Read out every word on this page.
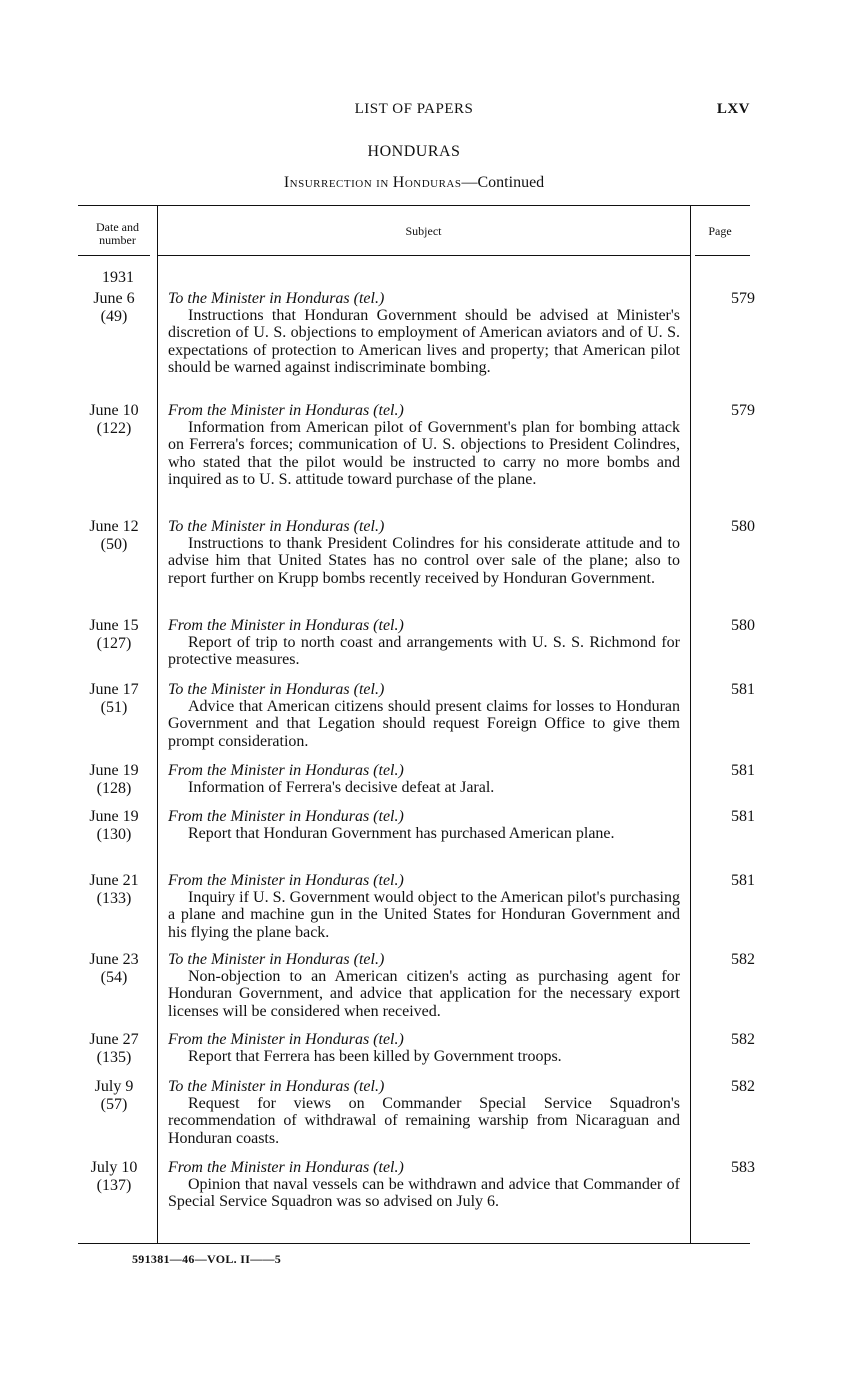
LIST OF PAPERS	LXV
HONDURAS
Insurrection in Honduras—Continued
Date and number
Subject	Page
1931
June 6
(49)
To the Minister in Honduras (tel.)
Instructions that Honduran Government should be advised at Minister's discretion of U. S. objections to employment of American aviators and of U. S. expectations of protection to American lives and property; that American pilot should be warned against indiscriminate bombing.
579
June 10
(122)
From the Minister in Honduras (tel.)
Information from American pilot of Government's plan for bombing attack on Ferrera's forces; communication of U. S. objections to President Colindres, who stated that the pilot would be instructed to carry no more bombs and inquired as to U. S. attitude toward purchase of the plane.
579
June 12
(50)
To the Minister in Honduras (tel.)
Instructions to thank President Colindres for his considerate attitude and to advise him that United States has no control over sale of the plane; also to report further on Krupp bombs recently received by Honduran Government.
580
June 15
(127)
From the Minister in Honduras (tel.)
Report of trip to north coast and arrangements with U. S. S. Richmond for protective measures.
580
June 17
(51)
To the Minister in Honduras (tel.)
Advice that American citizens should present claims for losses to Honduran Government and that Legation should request Foreign Office to give them prompt consideration.
581
June 19
(128)
From the Minister in Honduras (tel.)
Information of Ferrera's decisive defeat at Jaral.
581
June 19
(130)
From the Minister in Honduras (tel.)
Report that Honduran Government has purchased American plane.
581
June 21
(133)
From the Minister in Honduras (tel.)
Inquiry if U. S. Government would object to the American pilot's purchasing a plane and machine gun in the United States for Honduran Government and his flying the plane back.
581
June 23
(54)
To the Minister in Honduras (tel.)
Non-objection to an American citizen's acting as purchasing agent for Honduran Government, and advice that application for the necessary export licenses will be considered when received.
582
June 27
(135)
From the Minister in Honduras (tel.)
Report that Ferrera has been killed by Government troops.
582
July 9
(57)
To the Minister in Honduras (tel.)
Request for views on Commander Special Service Squadron's recommendation of withdrawal of remaining warship from Nicaraguan and Honduran coasts.
582
July 10
(137)
From the Minister in Honduras (tel.)
Opinion that naval vessels can be withdrawn and advice that Commander of Special Service Squadron was so advised on July 6.
583
591381—46—VOL. II——5
